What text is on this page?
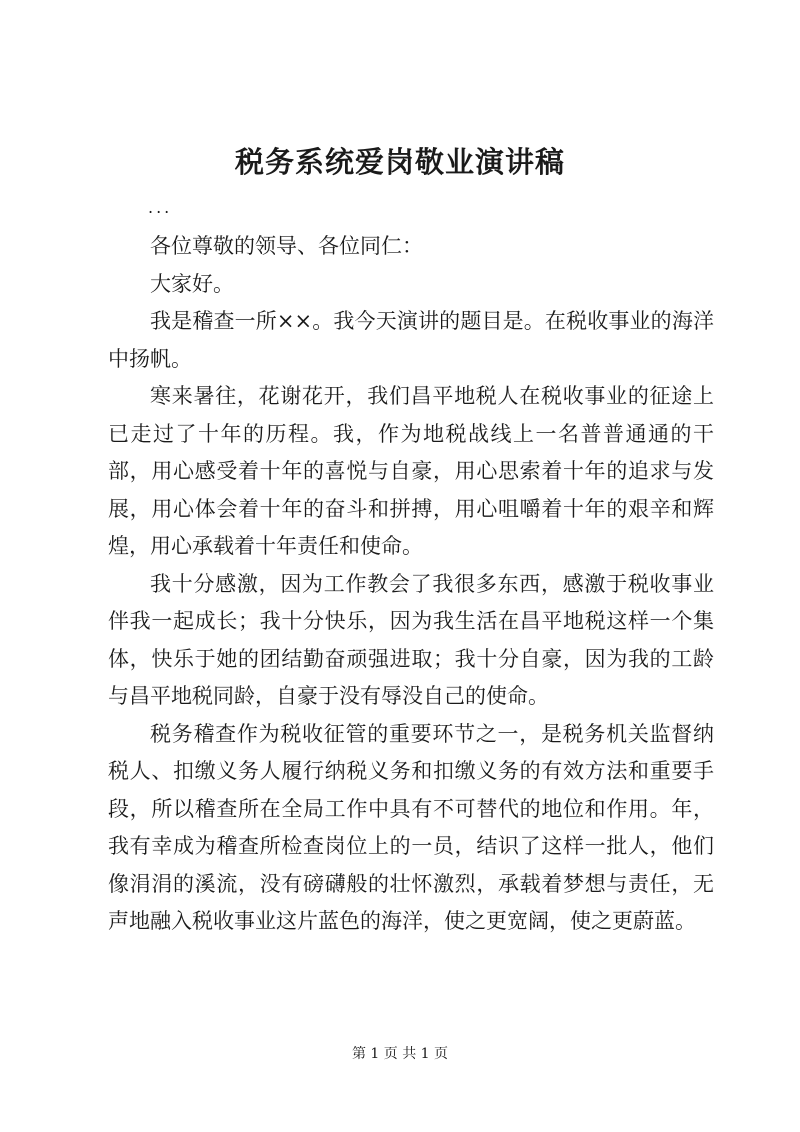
税务系统爱岗敬业演讲稿
...

各位尊敬的领导、各位同仁：

大家好。

我是稽查一所××。我今天演讲的题目是。在税收事业的海洋中扬帆。

寒来暑往，花谢花开，我们昌平地税人在税收事业的征途上已走过了十年的历程。我，作为地税战线上一名普普通通的干部，用心感受着十年的喜悦与自豪，用心思索着十年的追求与发展，用心体会着十年的奋斗和拼搏，用心咀嚼着十年的艰辛和辉煌，用心承载着十年责任和使命。

我十分感激，因为工作教会了我很多东西，感激于税收事业伴我一起成长；我十分快乐，因为我生活在昌平地税这样一个集体，快乐于她的团结勤奋顽强进取；我十分自豪，因为我的工龄与昌平地税同龄，自豪于没有辱没自己的使命。

税务稽查作为税收征管的重要环节之一，是税务机关监督纳税人、扣缴义务人履行纳税义务和扣缴义务的有效方法和重要手段，所以稽查所在全局工作中具有不可替代的地位和作用。年，我有幸成为稽查所检查岗位上的一员，结识了这样一批人，他们像涓涓的溪流，没有磅礴般的壮怀激烈，承载着梦想与责任，无声地融入税收事业这片蓝色的海洋，使之更宽阔，使之更蔚蓝。

第 1 页 共 1 页
